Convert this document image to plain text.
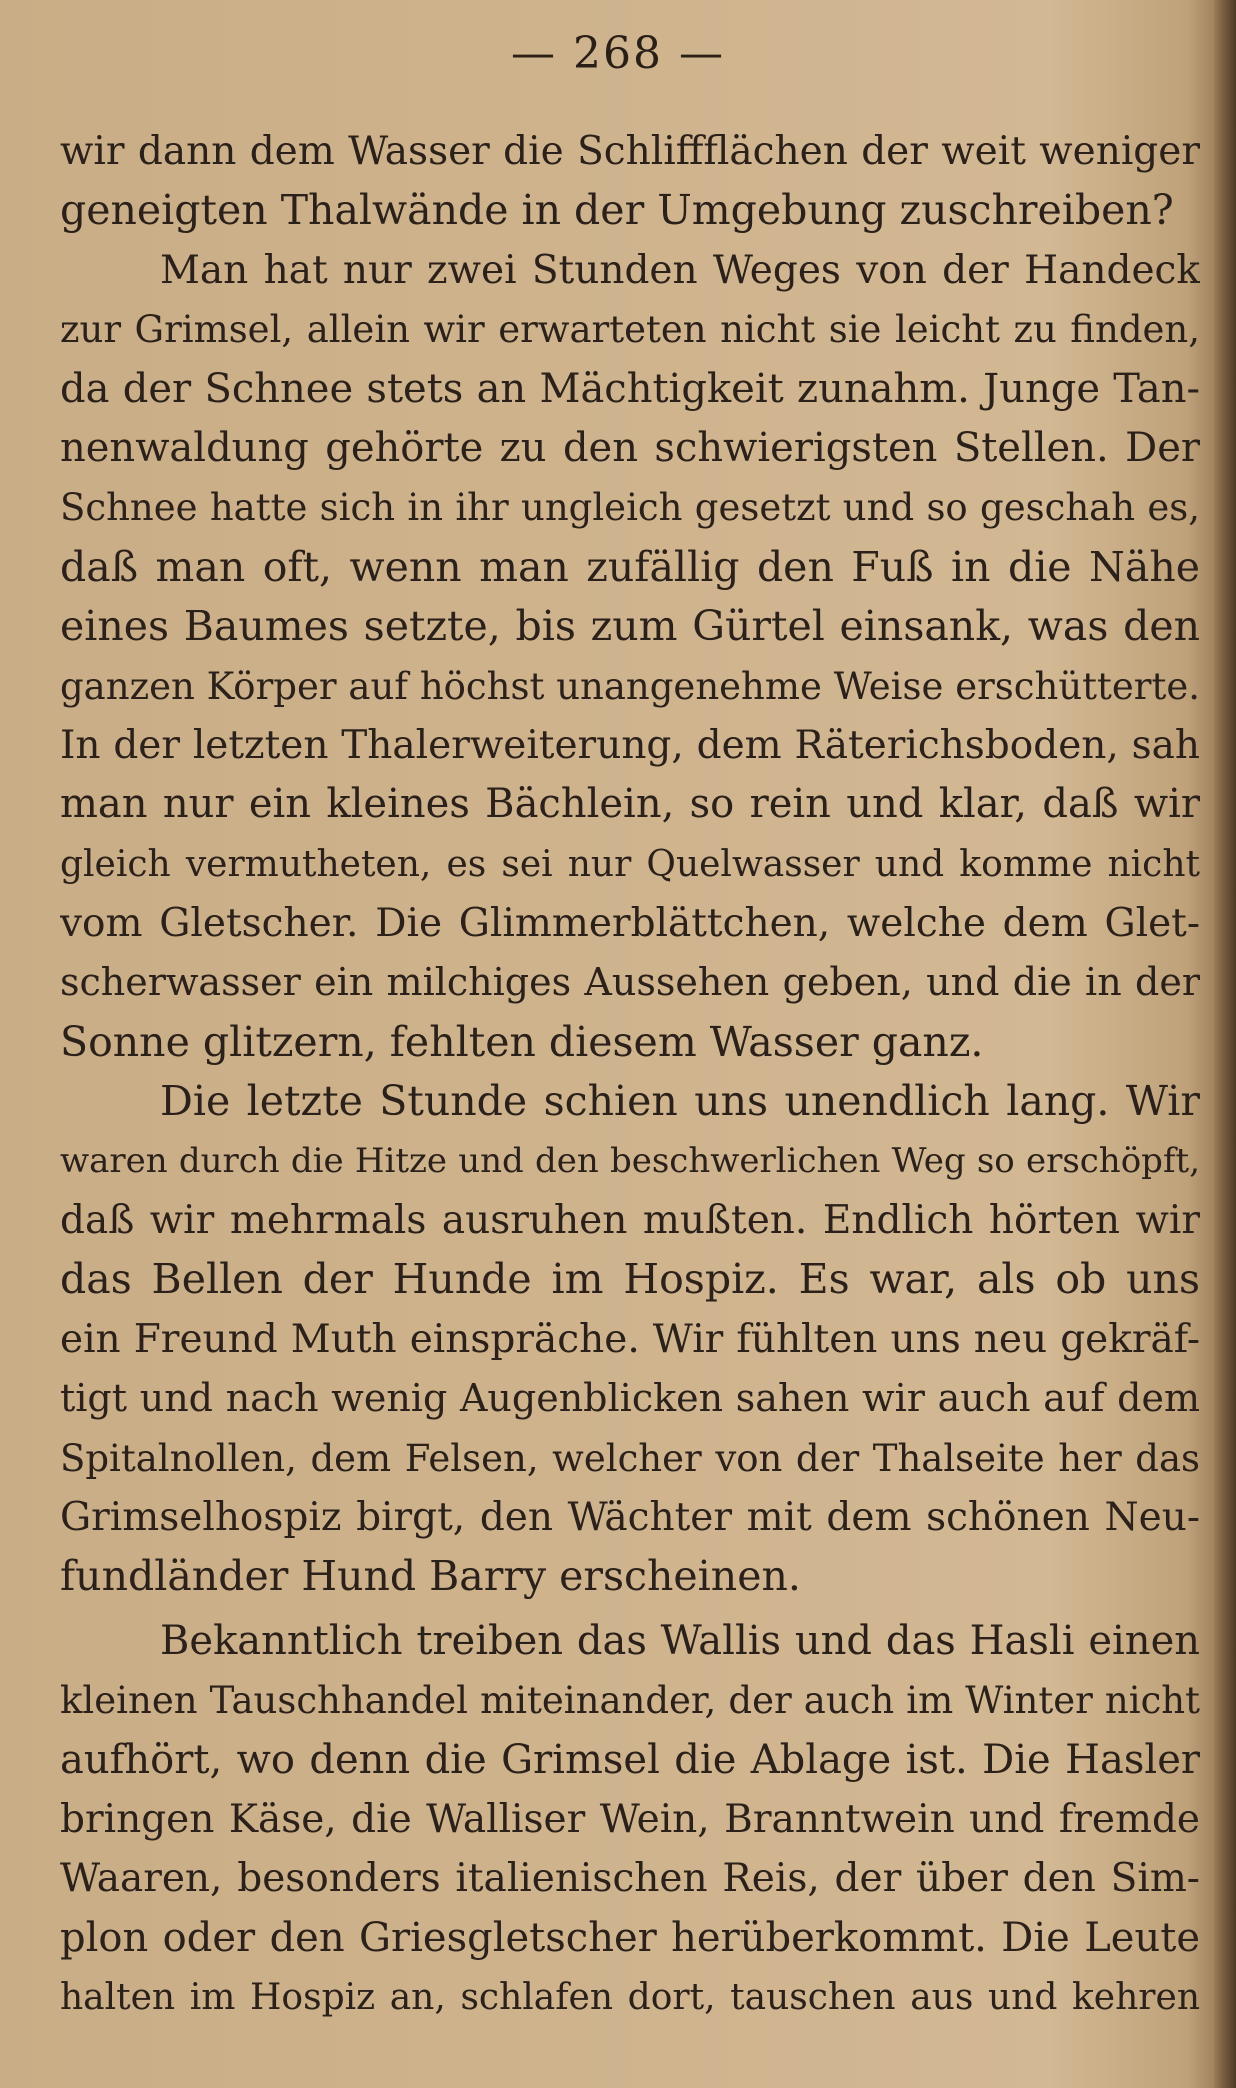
— 268 —
wir dann dem Wasser die Schliffflächen der weit weniger
geneigten Thalwände in der Umgebung zuschreiben?
Man hat nur zwei Stunden Weges von der Handeck
zur Grimsel, allein wir erwarteten nicht sie leicht zu finden,
da der Schnee stets an Mächtigkeit zunahm. Junge Tan-
nenwaldung gehörte zu den schwierigsten Stellen. Der
Schnee hatte sich in ihr ungleich gesetzt und so geschah es,
daß man oft, wenn man zufällig den Fuß in die Nähe
eines Baumes setzte, bis zum Gürtel einsank, was den
ganzen Körper auf höchst unangenehme Weise erschütterte.
In der letzten Thalerweiterung, dem Räterichsboden, sah
man nur ein kleines Bächlein, so rein und klar, daß wir
gleich vermutheten, es sei nur Quelwasser und komme nicht
vom Gletscher. Die Glimmerblättchen, welche dem Glet-
scherwasser ein milchiges Aussehen geben, und die in der
Sonne glitzern, fehlten diesem Wasser ganz.
Die letzte Stunde schien uns unendlich lang. Wir
waren durch die Hitze und den beschwerlichen Weg so erschöpft,
daß wir mehrmals ausruhen mußten. Endlich hörten wir
das Bellen der Hunde im Hospiz. Es war, als ob uns
ein Freund Muth einspräche. Wir fühlten uns neu gekräf-
tigt und nach wenig Augenblicken sahen wir auch auf dem
Spitalnollen, dem Felsen, welcher von der Thalseite her das
Grimselhospiz birgt, den Wächter mit dem schönen Neu-
fundländer Hund Barry erscheinen.
Bekanntlich treiben das Wallis und das Hasli einen
kleinen Tauschhandel miteinander, der auch im Winter nicht
aufhört, wo denn die Grimsel die Ablage ist. Die Hasler
bringen Käse, die Walliser Wein, Branntwein und fremde
Waaren, besonders italienischen Reis, der über den Sim-
plon oder den Griesgletscher herüberkommt. Die Leute
halten im Hospiz an, schlafen dort, tauschen aus und kehren
